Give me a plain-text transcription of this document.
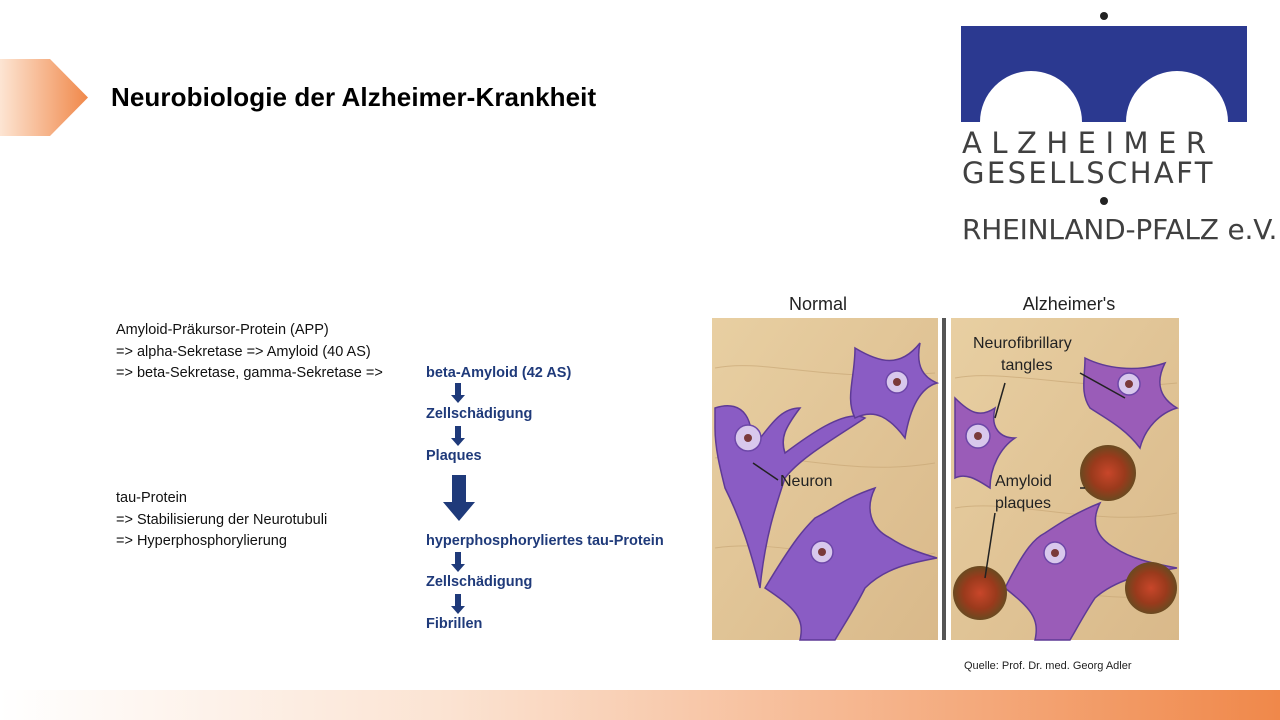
Neurobiologie der Alzheimer-Krankheit
ALZHEIMER
GESELLSCHAFT
RHEINLAND-PFALZ e.V.
Amyloid-Präkursor-Protein (APP)
=> alpha-Sekretase => Amyloid (40 AS)
=> beta-Sekretase, gamma-Sekretase =>	beta-Amyloid (42 AS)
Zellschädigung
Plaques
tau-Protein
=> Stabilisierung der Neurotubuli
=> Hyperphosphorylierung	hyperphosphoryliertes tau-Protein
Zellschädigung
Fibrillen
Normal	Alzheimer's
Neuron
Neurofibrillary
tangles
Amyloid
plaques
Quelle: Prof. Dr. med. Georg Adler
